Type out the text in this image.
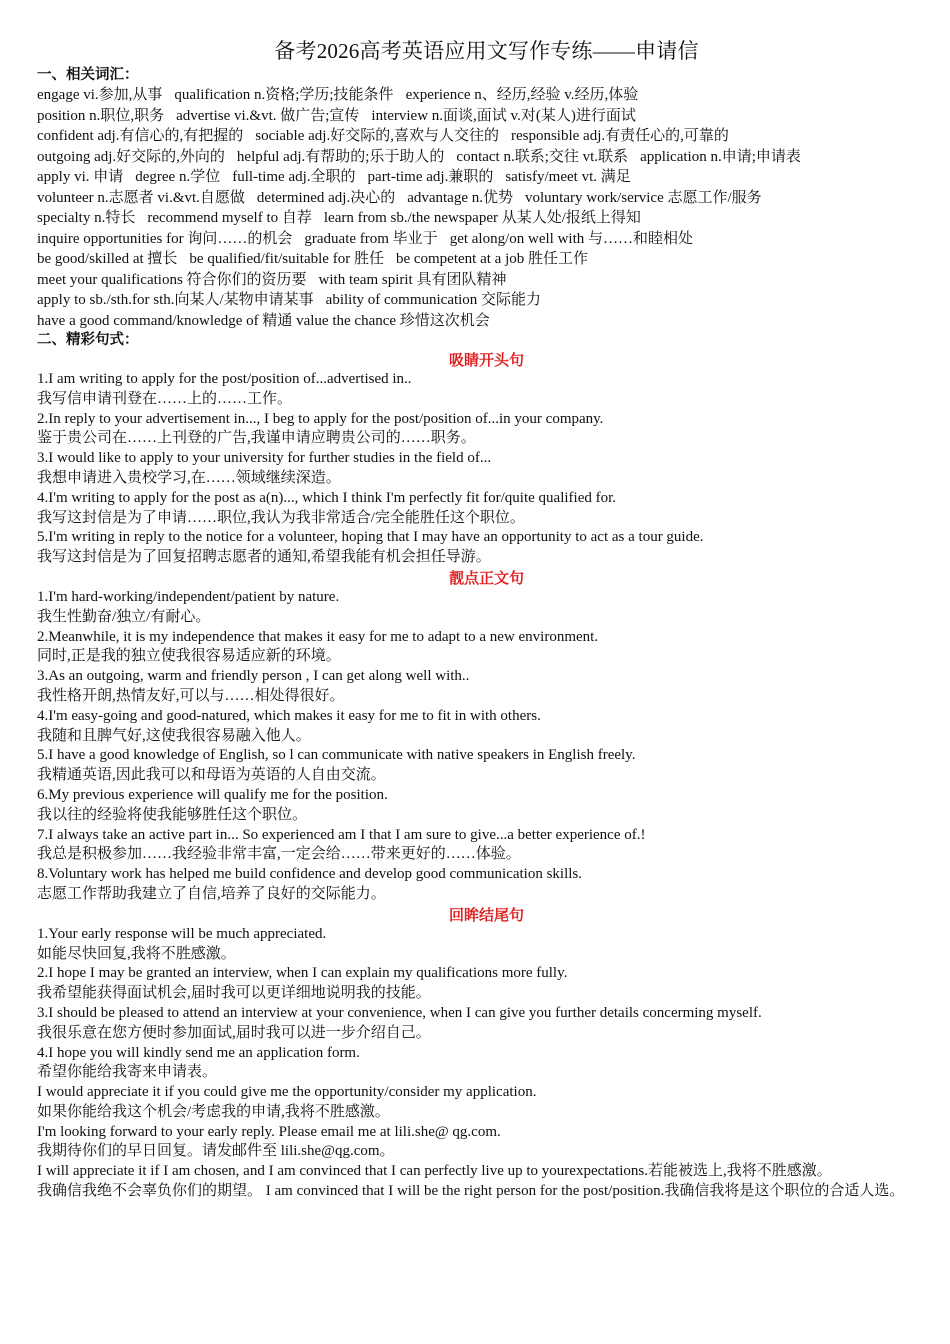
备考2026高考英语应用文写作专练——申请信
一、相关词汇：
engage vi.参加,从事 qualification n.资格;学历;技能条件 experience n、经历,经验 v.经历,体验
position n.职位,职务 advertise vi.&vt. 做广告;宣传 interview n.面谈,面试 v.对(某人)进行面试
confident adj.有信心的,有把握的 sociable adj.好交际的,喜欢与人交往的 responsible adj.有责任心的,可靠的
outgoing adj.好交际的,外向的 helpful adj.有帮助的;乐于助人的 contact n.联系;交往 vt.联系 application n.申请;申请表
apply vi. 申请 degree n.学位 full-time adj.全职的 part-time adj.兼职的 satisfy/meet vt. 满足
volunteer n.志愿者 vi.&vt.自愿做 determined adj.决心的 advantage n.优势 voluntary work/service 志愿工作/服务
specialty n.特长 recommend myself to 自荐 learn from sb./the newspaper 从某人处/报纸上得知
inquire opportunities for 询问……的机会 graduate from 毕业于 get along/on well with 与……和睦相处
be good/skilled at 擅长 be qualified/fit/suitable for 胜任 be competent at a job 胜任工作
meet your qualifications 符合你们的资历要 with team spirit 具有团队精神
apply to sb./sth.for sth.向某人/某物申请某事 ability of communication 交际能力
have a good command/knowledge of 精通 value the chance 珍惜这次机会
二、精彩句式：
吸睛开头句
1.I am writing to apply for the post/position of...advertised in..
我写信申请刊登在……上的……工作。
2.In reply to your advertisement in..., I beg to apply for the post/position of...in your company.
鉴于贵公司在……上刊登的广告,我谨申请应聘贵公司的……职务。
3.I would like to apply to your university for further studies in the field of...
我想申请进入贵校学习,在……领域继续深造。
4.I'm writing to apply for the post as a(n)..., which I think I'm perfectly fit for/quite qualified for.
我写这封信是为了申请……职位,我认为我非常适合/完全能胜任这个职位。
5.I'm writing in reply to the notice for a volunteer, hoping that I may have an opportunity to act as a tour guide.
我写这封信是为了回复招聘志愿者的通知,希望我能有机会担任导游。
靓点正文句
1.I'm hard-working/independent/patient by nature.
我生性勤奋/独立/有耐心。
2.Meanwhile, it is my independence that makes it easy for me to adapt to a new environment.
同时,正是我的独立使我很容易适应新的环境。
3.As an outgoing, warm and friendly person , I can get along well with..
我性格开朗,热情友好,可以与……相处得很好。
4.I'm easy-going and good-natured, which makes it easy for me to fit in with others.
我随和且脾气好,这使我很容易融入他人。
5.I have a good knowledge of English, so l can communicate with native speakers in English freely.
我精通英语,因此我可以和母语为英语的人自由交流。
6.My previous experience will qualify me for the position.
我以往的经验将使我能够胜任这个职位。
7.I always take an active part in... So experienced am I that I am sure to give...a better experience of.!
我总是积极参加……我经验非常丰富,一定会给……带来更好的……体验。
8.Voluntary work has helped me build confidence and develop good communication skills.
志愿工作帮助我建立了自信,培养了良好的交际能力。
回眸结尾句
1.Your early response will be much appreciated.
如能尽快回复,我将不胜感激。
2.I hope I may be granted an interview, when I can explain my qualifications more fully.
我希望能获得面试机会,届时我可以更详细地说明我的技能。
3.I should be pleased to attend an interview at your convenience, when I can give you further details concerming myself.
我很乐意在您方便时参加面试,届时我可以进一步介绍自己。
4.I hope you will kindly send me an application form.
希望你能给我寄来申请表。
I would appreciate it if you could give me the opportunity/consider my application.
如果你能给我这个机会/考虑我的申请,我将不胜感激。
I'm looking forward to your early reply. Please email me at lili.she@ qg.com.
我期待你们的早日回复。请发邮件至 lili.she@qg.com。
I will appreciate it if I am chosen, and I am convinced that I can perfectly live up to yourexpectations.若能被选上,我将不胜感激。
我确信我绝不会辜负你们的期望。 I am convinced that I will be the right person for the post/position.我确信我将是这个职位的合适人选。
